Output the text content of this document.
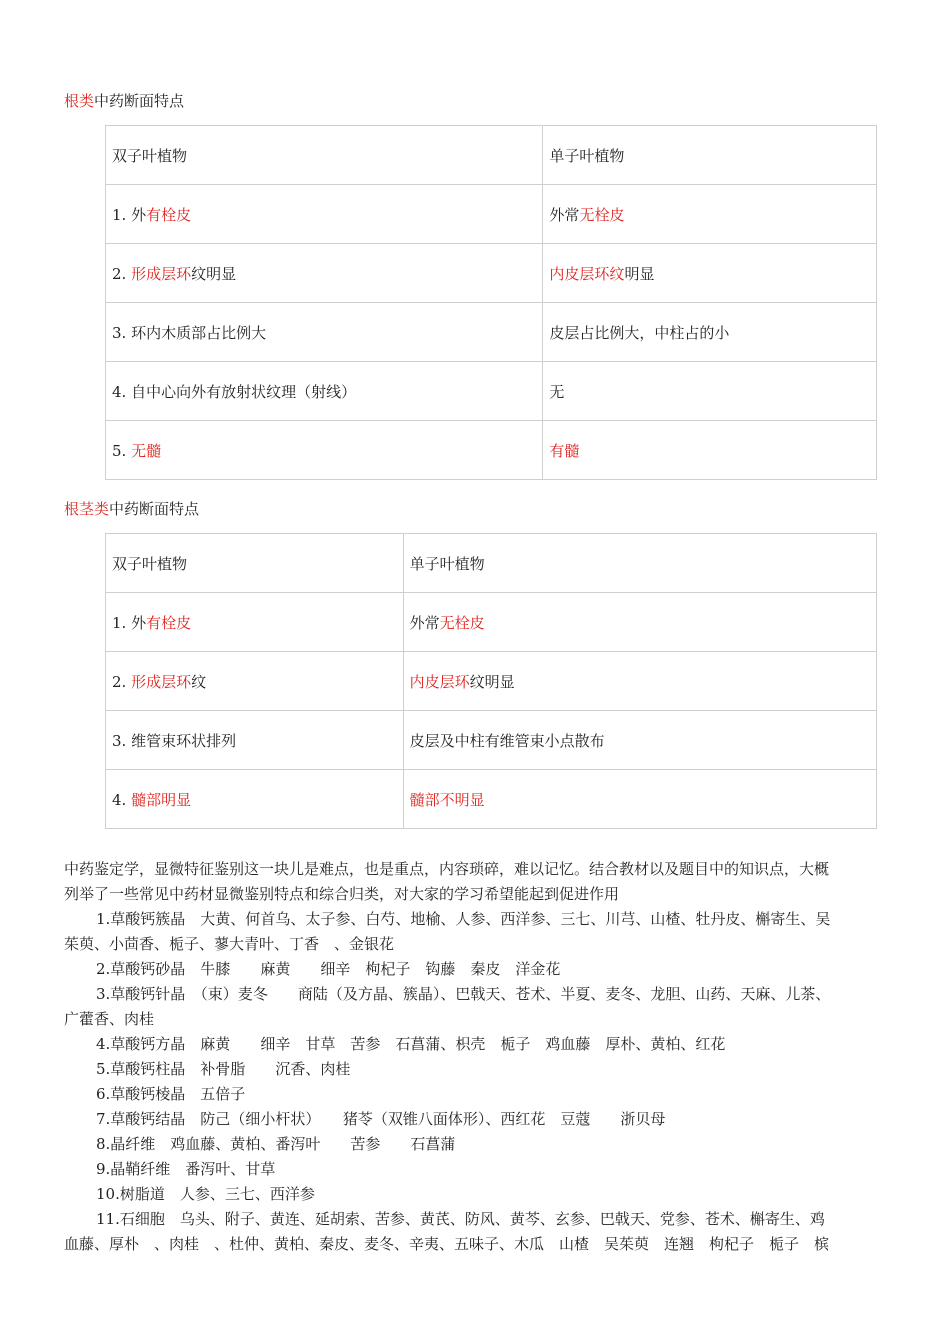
根类中药断面特点
双子叶植物	单子叶植物
1. 外有栓皮	外常无栓皮
2. 形成层环纹明显	内皮层环纹明显
3. 环内木质部占比例大	皮层占比例大，中柱占的小
4. 自中心向外有放射状纹理（射线）	无
5. 无髓	有髓
根茎类中药断面特点
双子叶植物	单子叶植物
1. 外有栓皮	外常无栓皮
2. 形成层环纹	内皮层环纹明显
3. 维管束环状排列	皮层及中柱有维管束小点散布
4. 髓部明显	髓部不明显
中药鉴定学，显微特征鉴别这一块儿是难点，也是重点，内容琐碎，难以记忆。结合教材以及题目中的知识点，大概
列举了一些常见中药材显微鉴别特点和综合归类，对大家的学习希望能起到促进作用
1.草酸钙簇晶　大黄、何首乌、太子参、白芍、地榆、人参、西洋参、三七、川芎、山楂、牡丹皮、槲寄生、吴
茱萸、小茴香、栀子、蓼大青叶、丁香　、金银花
2.草酸钙砂晶　牛膝　　麻黄　　细辛　枸杞子　钩藤　秦皮　洋金花
3.草酸钙针晶　（束）麦冬　　商陆（及方晶、簇晶）、巴戟天、苍术、半夏、麦冬、龙胆、山药、天麻、儿茶、
广藿香、肉桂
4.草酸钙方晶　麻黄　　细辛　甘草　苦参　石菖蒲、枳壳　栀子　鸡血藤　厚朴、黄柏、红花
5.草酸钙柱晶　补骨脂　　沉香、肉桂
6.草酸钙棱晶　五倍子
7.草酸钙结晶　防己（细小杆状）　　猪苓（双锥八面体形）、西红花　豆蔻　　浙贝母
8.晶纤维　鸡血藤、黄柏、番泻叶　　苦参　　石菖蒲
9.晶鞘纤维　番泻叶、甘草
10.树脂道　人参、三七、西洋参
11.石细胞　乌头、附子、黄连、延胡索、苦参、黄芪、防风、黄芩、玄参、巴戟天、党参、苍术、槲寄生、鸡
血藤、厚朴　、肉桂　、杜仲、黄柏、秦皮、麦冬、辛夷、五味子、木瓜　山楂　吴茱萸　连翘　枸杞子　栀子　槟
